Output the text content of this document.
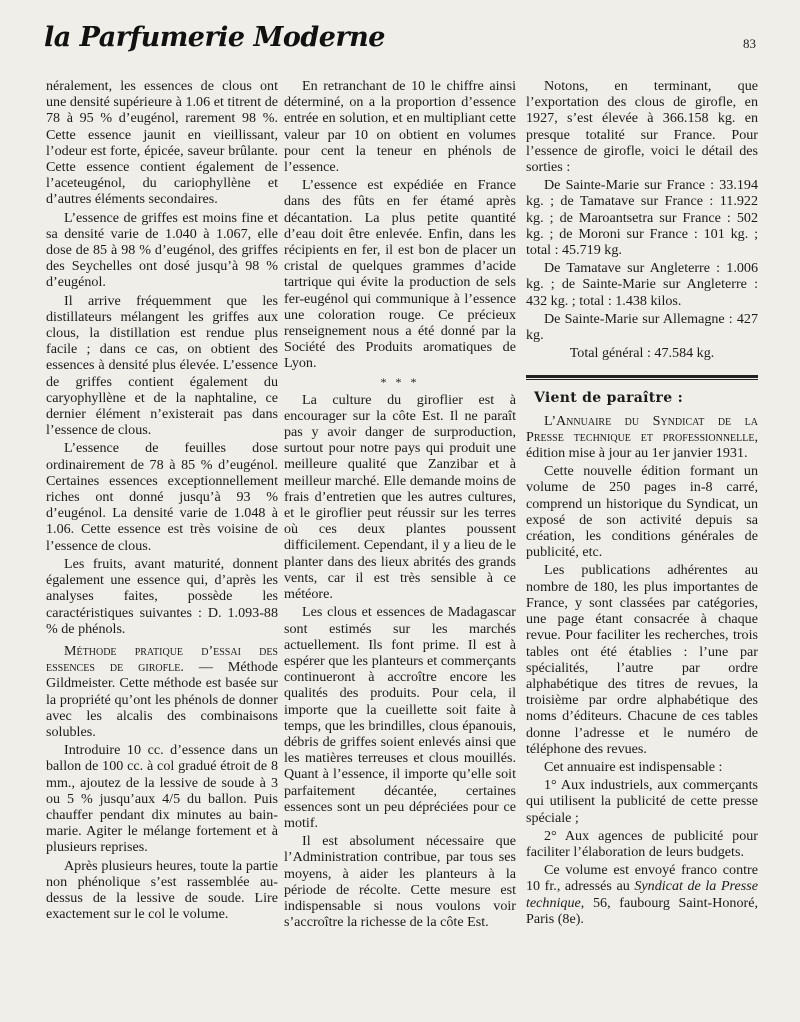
la Parfumerie Moderne	83

néralement, les essences de clous ont une densité supérieure à 1.06 et titrent de 78 à 95 % d’eugénol, rarement 98 %. Cette essence jaunit en vieillissant, l’odeur est forte, épicée, saveur brûlante. Cette essence contient également de l’aceteugénol, du cariophyllène et d’autres éléments secondaires.

L’essence de griffes est moins fine et sa densité varie de 1.040 à 1.067, elle dose de 85 à 98 % d’eugénol, des griffes des Seychelles ont dosé jusqu’à 98 % d’eugénol.

Il arrive fréquemment que les distillateurs mélangent les griffes aux clous, la distillation est rendue plus facile ; dans ce cas, on obtient des essences à densité plus élevée. L’essence de griffes contient également du caryophyllène et de la naphtaline, ce dernier élément n’existerait pas dans l’essence de clous.

L’essence de feuilles dose ordinairement de 78 à 85 % d’eugénol. Certaines essences exceptionnellement riches ont donné jusqu’à 93 % d’eugénol. La densité varie de 1.048 à 1.06. Cette essence est très voisine de l’essence de clous.

Les fruits, avant maturité, donnent également une essence qui, d’après les analyses faites, possède les caractéristiques suivantes : D. 1.093-88 % de phénols.

Méthode pratique d’essai des essences de girofle. — Méthode Gildmeister. Cette méthode est basée sur la propriété qu’ont les phénols de donner avec les alcalis des combinaisons solubles.

Introduire 10 cc. d’essence dans un ballon de 100 cc. à col gradué étroit de 8 mm., ajoutez de la lessive de soude à 3 ou 5 % jusqu’aux 4/5 du ballon. Puis chauffer pendant dix minutes au bain-marie. Agiter le mélange fortement et à plusieurs reprises.

Après plusieurs heures, toute la partie non phénolique s’est rassemblée au-dessus de la lessive de soude. Lire exactement sur le col le volume.

En retranchant de 10 le chiffre ainsi déterminé, on a la proportion d’essence entrée en solution, et en multipliant cette valeur par 10 on obtient en volumes pour cent la teneur en phénols de l’essence.

L’essence est expédiée en France dans des fûts en fer étamé après décantation. La plus petite quantité d’eau doit être enlevée. Enfin, dans les récipients en fer, il est bon de placer un cristal de quelques grammes d’acide tartrique qui évite la production de sels fer-eugénol qui communique à l’essence une coloration rouge. Ce précieux renseignement nous a été donné par la Société des Produits aromatiques de Lyon.

* * *

La culture du giroflier est à encourager sur la côte Est. Il ne paraît pas y avoir danger de surproduction, surtout pour notre pays qui produit une meilleure qualité que Zanzibar et à meilleur marché. Elle demande moins de frais d’entretien que les autres cultures, et le giroflier peut réussir sur les terres où ces deux plantes poussent difficilement. Cependant, il y a lieu de le planter dans des lieux abrités des grands vents, car il est très sensible à ce météore.

Les clous et essences de Madagascar sont estimés sur les marchés actuellement. Ils font prime. Il est à espérer que les planteurs et commerçants continueront à accroître encore les qualités des produits. Pour cela, il importe que la cueillette soit faite à temps, que les brindilles, clous épanouis, débris de griffes soient enlevés ainsi que les matières terreuses et clous mouillés. Quant à l’essence, il importe qu’elle soit parfaitement décantée, certaines essences sont un peu dépréciées pour ce motif.

Il est absolument nécessaire que l’Administration contribue, par tous ses moyens, à aider les planteurs à la période de récolte. Cette mesure est indispensable si nous voulons voir s’accroître la richesse de la côte Est.

Notons, en terminant, que l’exportation des clous de girofle, en 1927, s’est élevée à 366.158 kg. en presque totalité sur France. Pour l’essence de girofle, voici le détail des sorties :

De Sainte-Marie sur France : 33.194 kg. ; de Tamatave sur France : 11.922 kg. ; de Maroantsetra sur France : 502 kg. ; de Moroni sur France : 101 kg. ; total : 45.719 kg.

De Tamatave sur Angleterre : 1.006 kg. ; de Sainte-Marie sur Angleterre : 432 kg. ; total : 1.438 kilos.

De Sainte-Marie sur Allemagne : 427 kg.

Total général : 47.584 kg.

Vient de paraître :

L’Annuaire du Syndicat de la Presse technique et professionnelle, édition mise à jour au 1er janvier 1931.

Cette nouvelle édition formant un volume de 250 pages in-8 carré, comprend un historique du Syndicat, un exposé de son activité depuis sa création, les conditions générales de publicité, etc.

Les publications adhérentes au nombre de 180, les plus importantes de France, y sont classées par catégories, une page étant consacrée à chaque revue. Pour faciliter les recherches, trois tables ont été établies : l’une par spécialités, l’autre par ordre alphabétique des titres de revues, la troisième par ordre alphabétique des noms d’éditeurs. Chacune de ces tables donne l’adresse et le numéro de téléphone des revues.

Cet annuaire est indispensable :

1° Aux industriels, aux commerçants qui utilisent la publicité de cette presse spéciale ;

2° Aux agences de publicité pour faciliter l’élaboration de leurs budgets.

Ce volume est envoyé franco contre 10 fr., adressés au Syndicat de la Presse technique, 56, faubourg Saint-Honoré, Paris (8e).
